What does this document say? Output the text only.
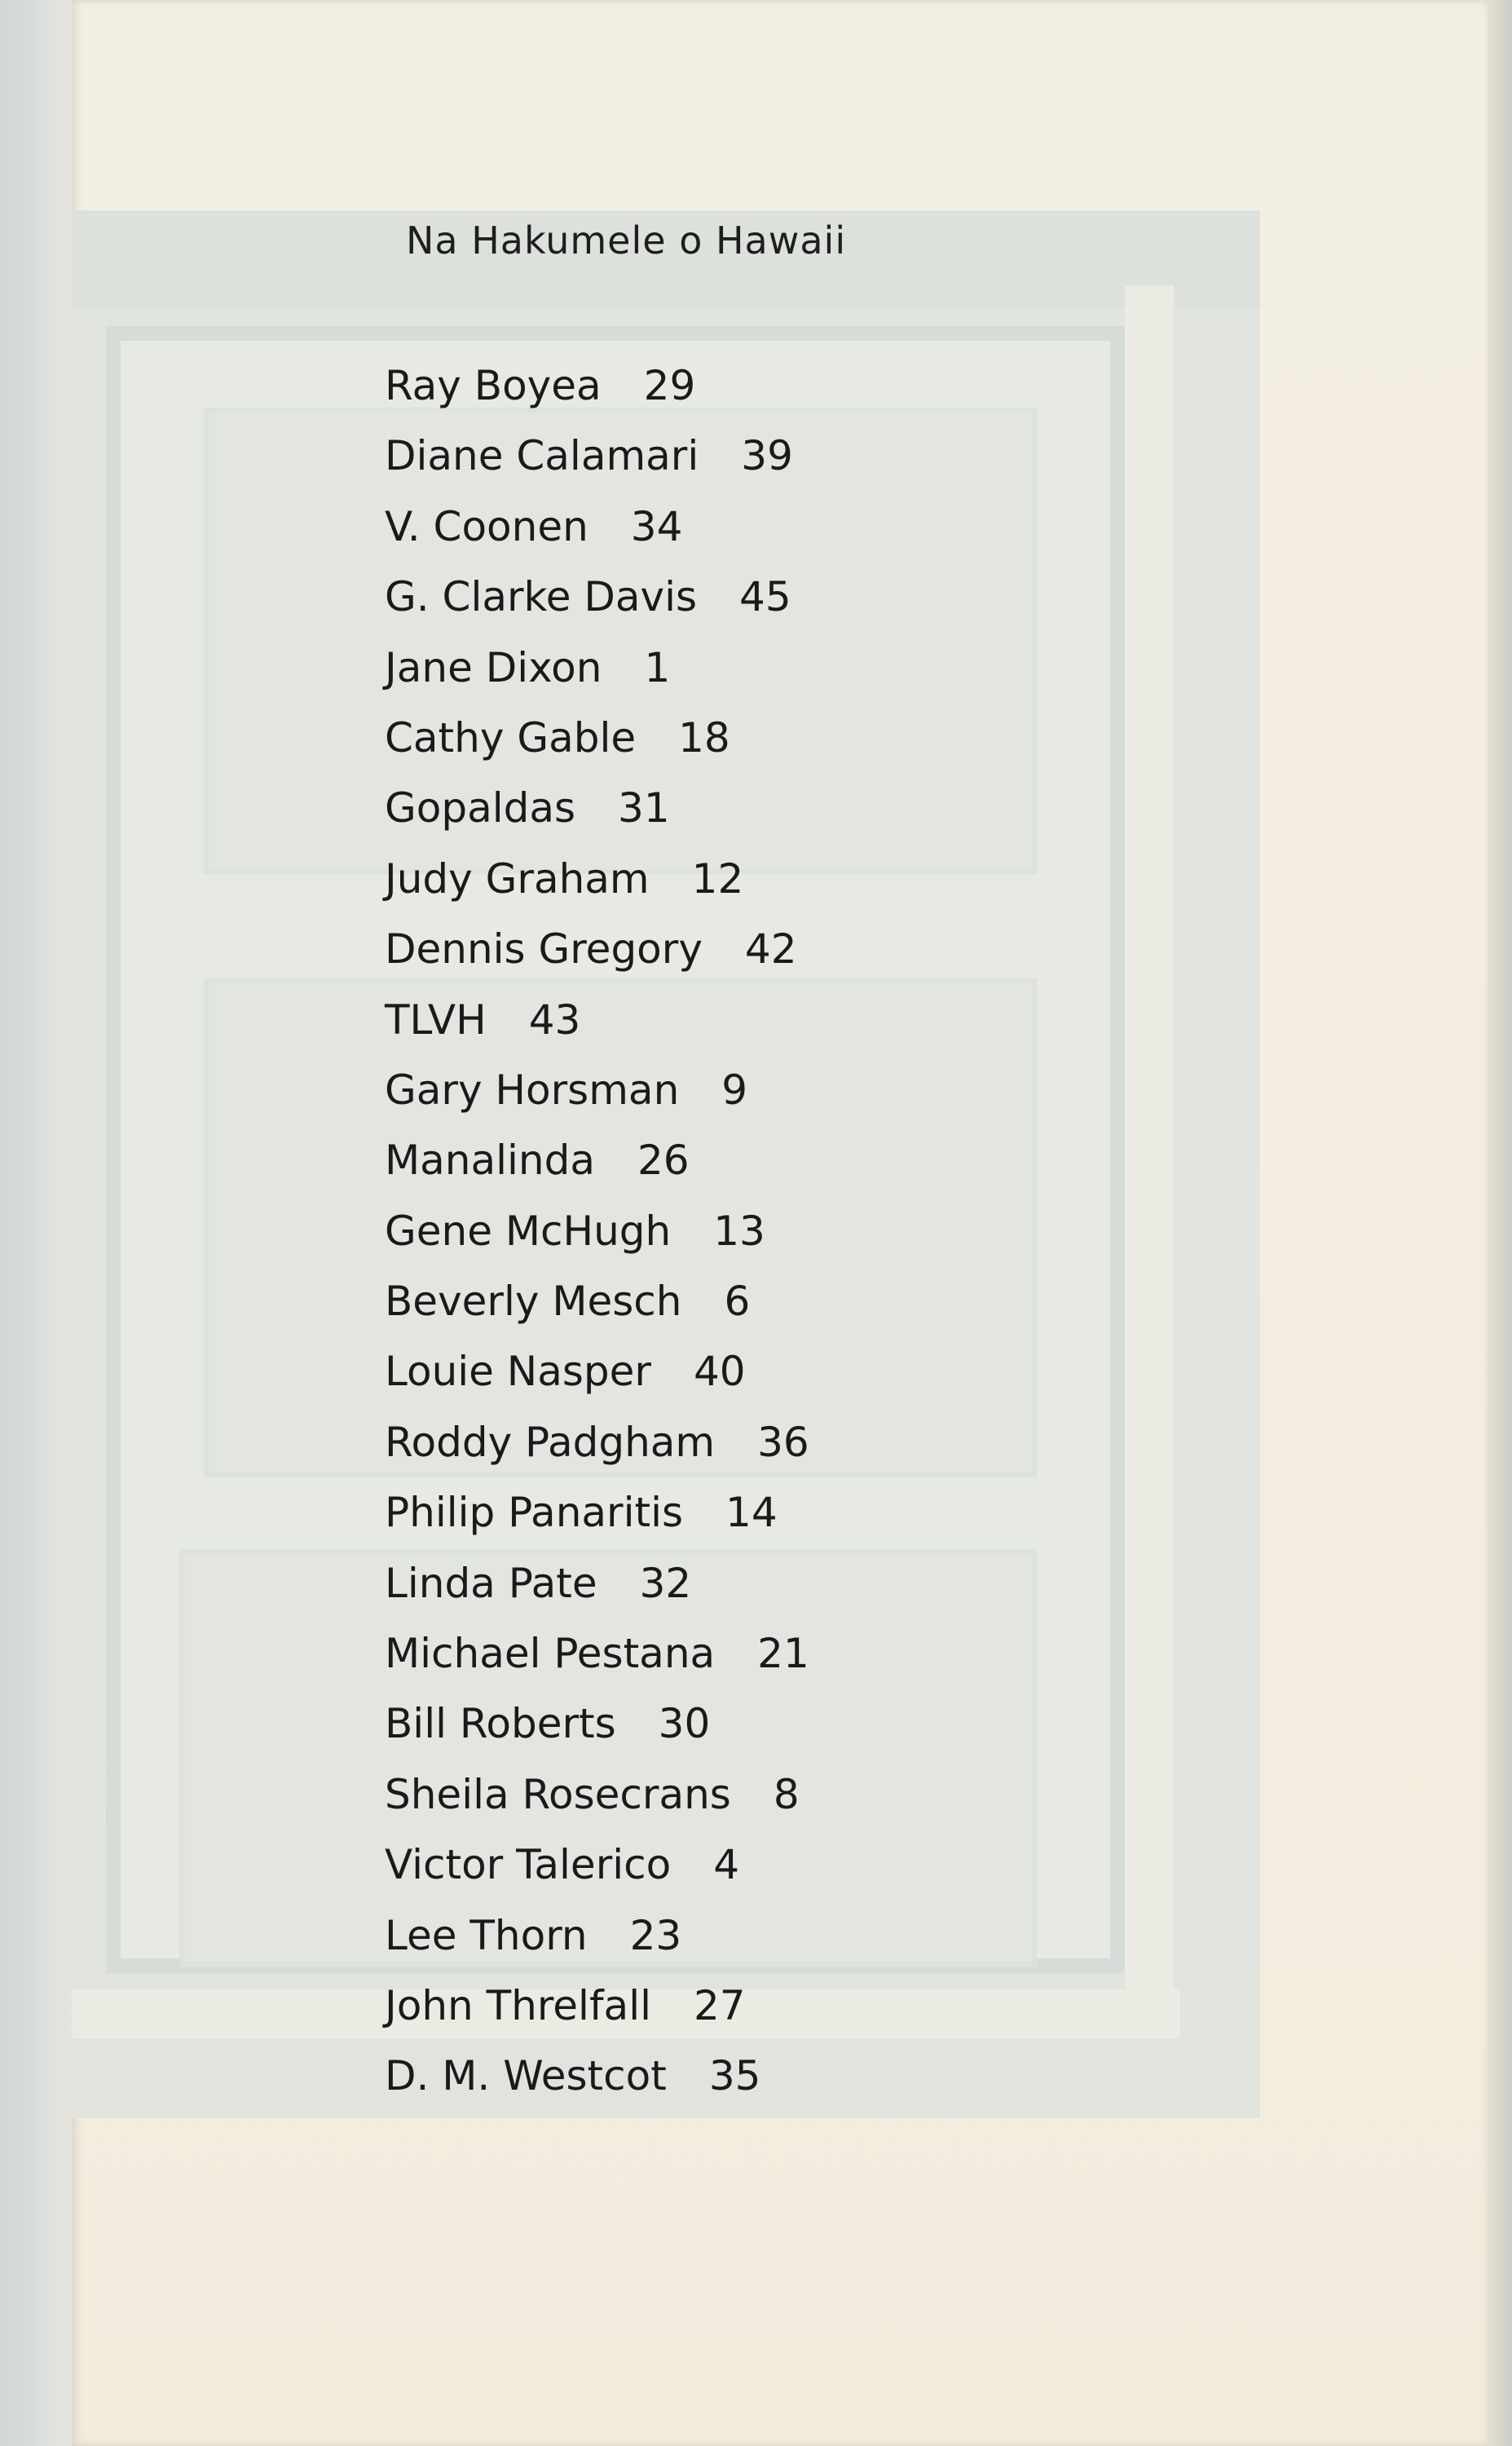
Na Hakumele o Hawaii
Ray Boyea 29
Diane Calamari 39
V. Coonen 34
G. Clarke Davis 45
Jane Dixon 1
Cathy Gable 18
Gopaldas 31
Judy Graham 12
Dennis Gregory 42
TLVH 43
Gary Horsman 9
Manalinda 26
Gene McHugh 13
Beverly Mesch 6
Louie Nasper 40
Roddy Padgham 36
Philip Panaritis 14
Linda Pate 32
Michael Pestana 21
Bill Roberts 30
Sheila Rosecrans 8
Victor Talerico 4
Lee Thorn 23
John Threlfall 27
D. M. Westcot 35
